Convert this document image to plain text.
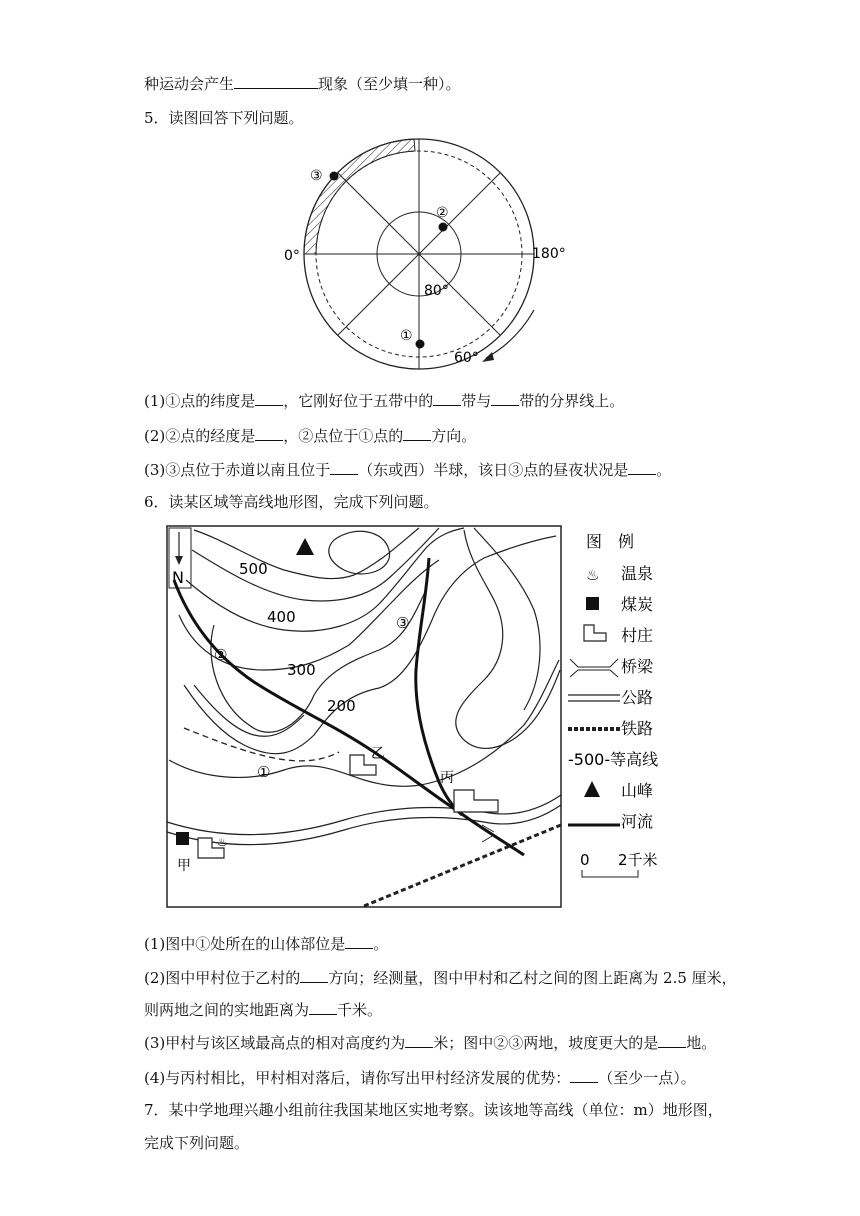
种运动会产生	现象（至少填一种）。
5．读图回答下列问题。
③
②
①
0°	180°
80°
60°
(1)①点的纬度是 ，它刚好位于五带中的 带与 带的分界线上。
(2)②点的经度是 ，②点位于①点的 方向。
(3)③点位于赤道以南且位于 （东或西）半球，该日③点的昼夜状况是 。
6．读某区域等高线地形图，完成下列问题。
N
♨
500
400
300
200
②
③
①
乙
丙
甲
图　例
♨ 温泉
煤炭
村庄
桥梁
公路
铁路
-500-等高线
山峰
河流
0 2千米
(1)图中①处所在的山体部位是 。
(2)图中甲村位于乙村的 方向；经测量，图中甲村和乙村之间的图上距离为 2.5 厘米，
则两地之间的实地距离为 千米。
(3)甲村与该区域最高点的相对高度约为 米；图中②③两地，坡度更大的是 地。
(4)与丙村相比，甲村相对落后，请你写出甲村经济发展的优势： （至少一点）。
7．某中学地理兴趣小组前往我国某地区实地考察。读该地等高线（单位：m）地形图，
完成下列问题。
